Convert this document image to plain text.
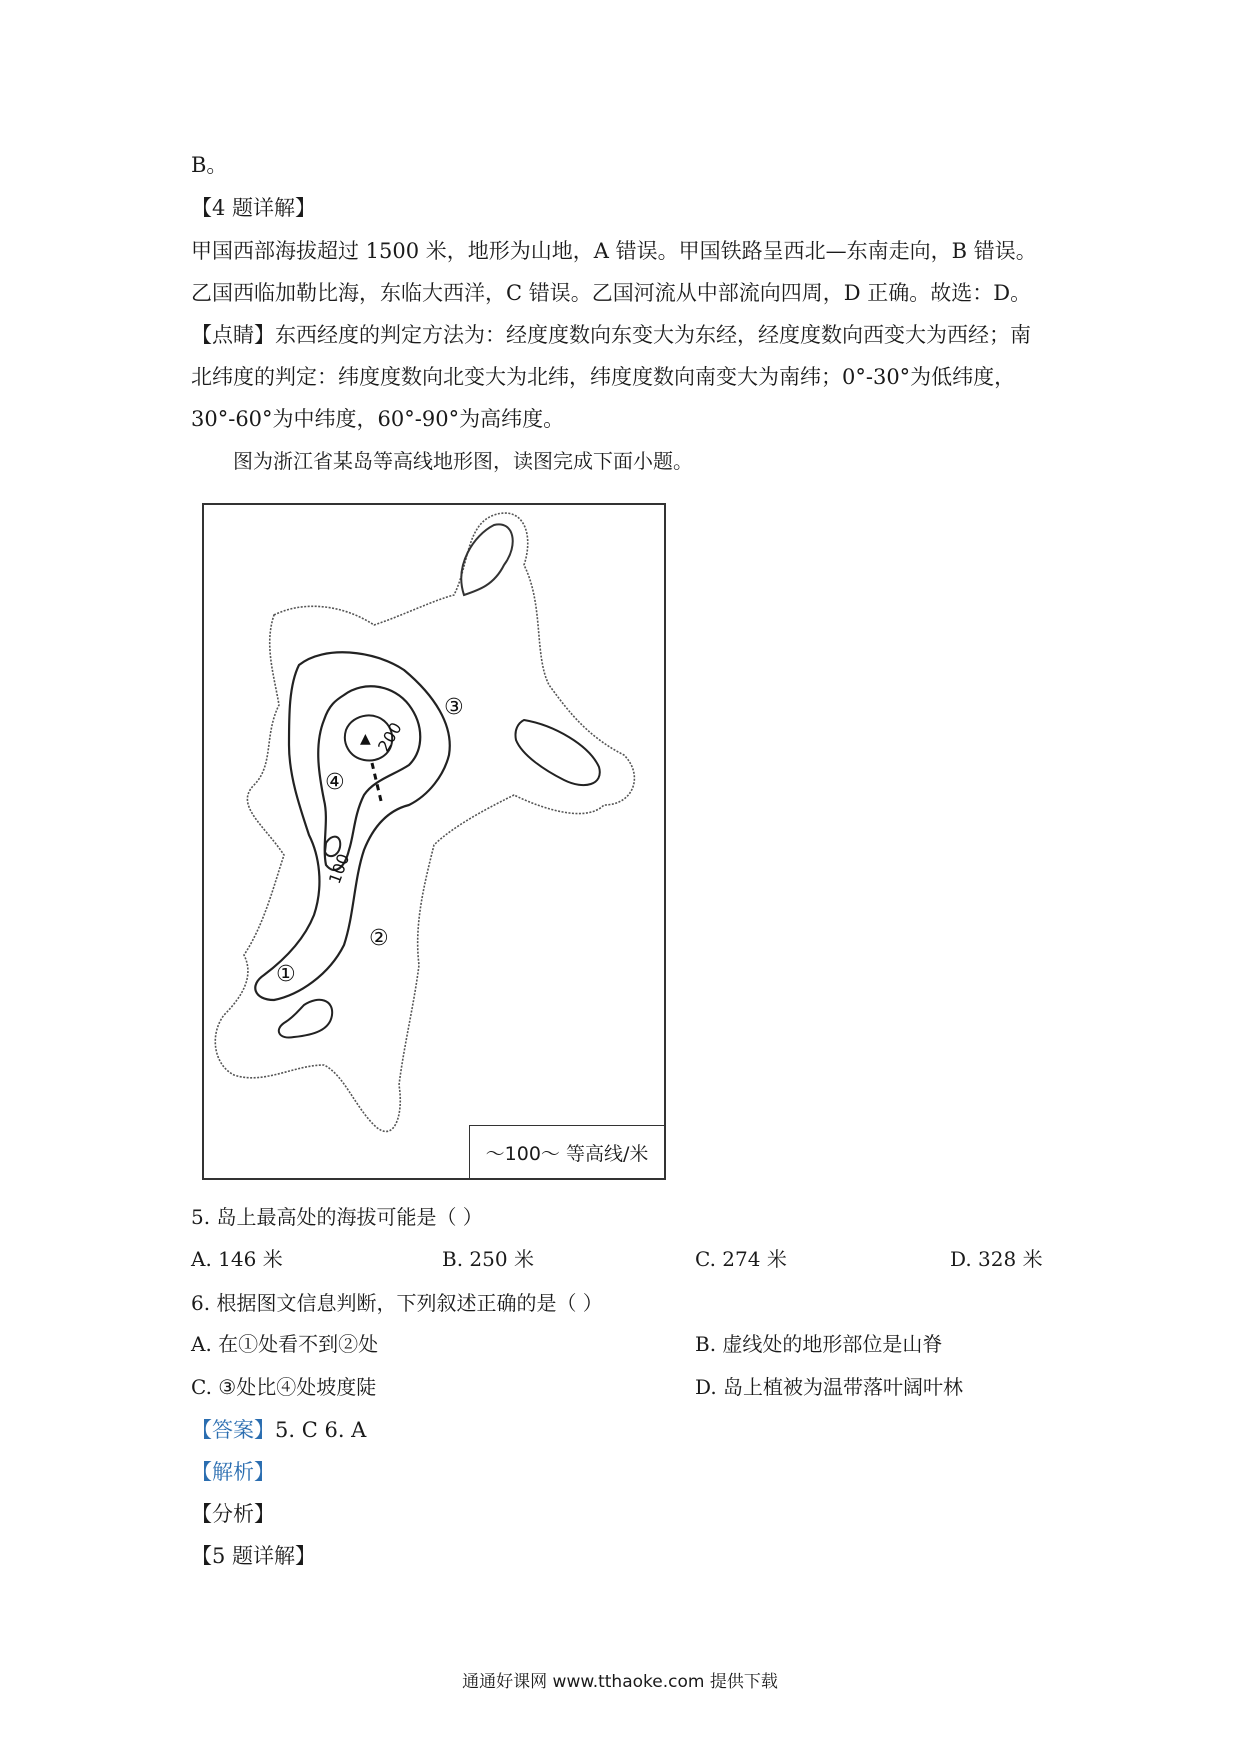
B。
【4 题详解】
甲国西部海拔超过 1500 米，地形为山地，A 错误。甲国铁路呈西北—东南走向，B 错误。
乙国西临加勒比海，东临大西洋，C 错误。乙国河流从中部流向四周，D 正确。故选：D。
【点睛】东西经度的判定方法为：经度度数向东变大为东经，经度度数向西变大为西经；南
北纬度的判定：纬度度数向北变大为北纬，纬度度数向南变大为南纬；0°-30°为低纬度，
30°-60°为中纬度，60°-90°为高纬度。
图为浙江省某岛等高线地形图，读图完成下面小题。
▲ 200
100
①
②
③
④
～100～ 等高线/米
5. 岛上最高处的海拔可能是（ ）
A. 146 米	B. 250 米	C. 274 米	D. 328 米
6. 根据图文信息判断，下列叙述正确的是（ ）
A. 在①处看不到②处	B. 虚线处的地形部位是山脊
C. ③处比④处坡度陡	D. 岛上植被为温带落叶阔叶林
【答案】5. C 6. A
【解析】
【分析】
【5 题详解】
通通好课网 www.tthaoke.com 提供下载
